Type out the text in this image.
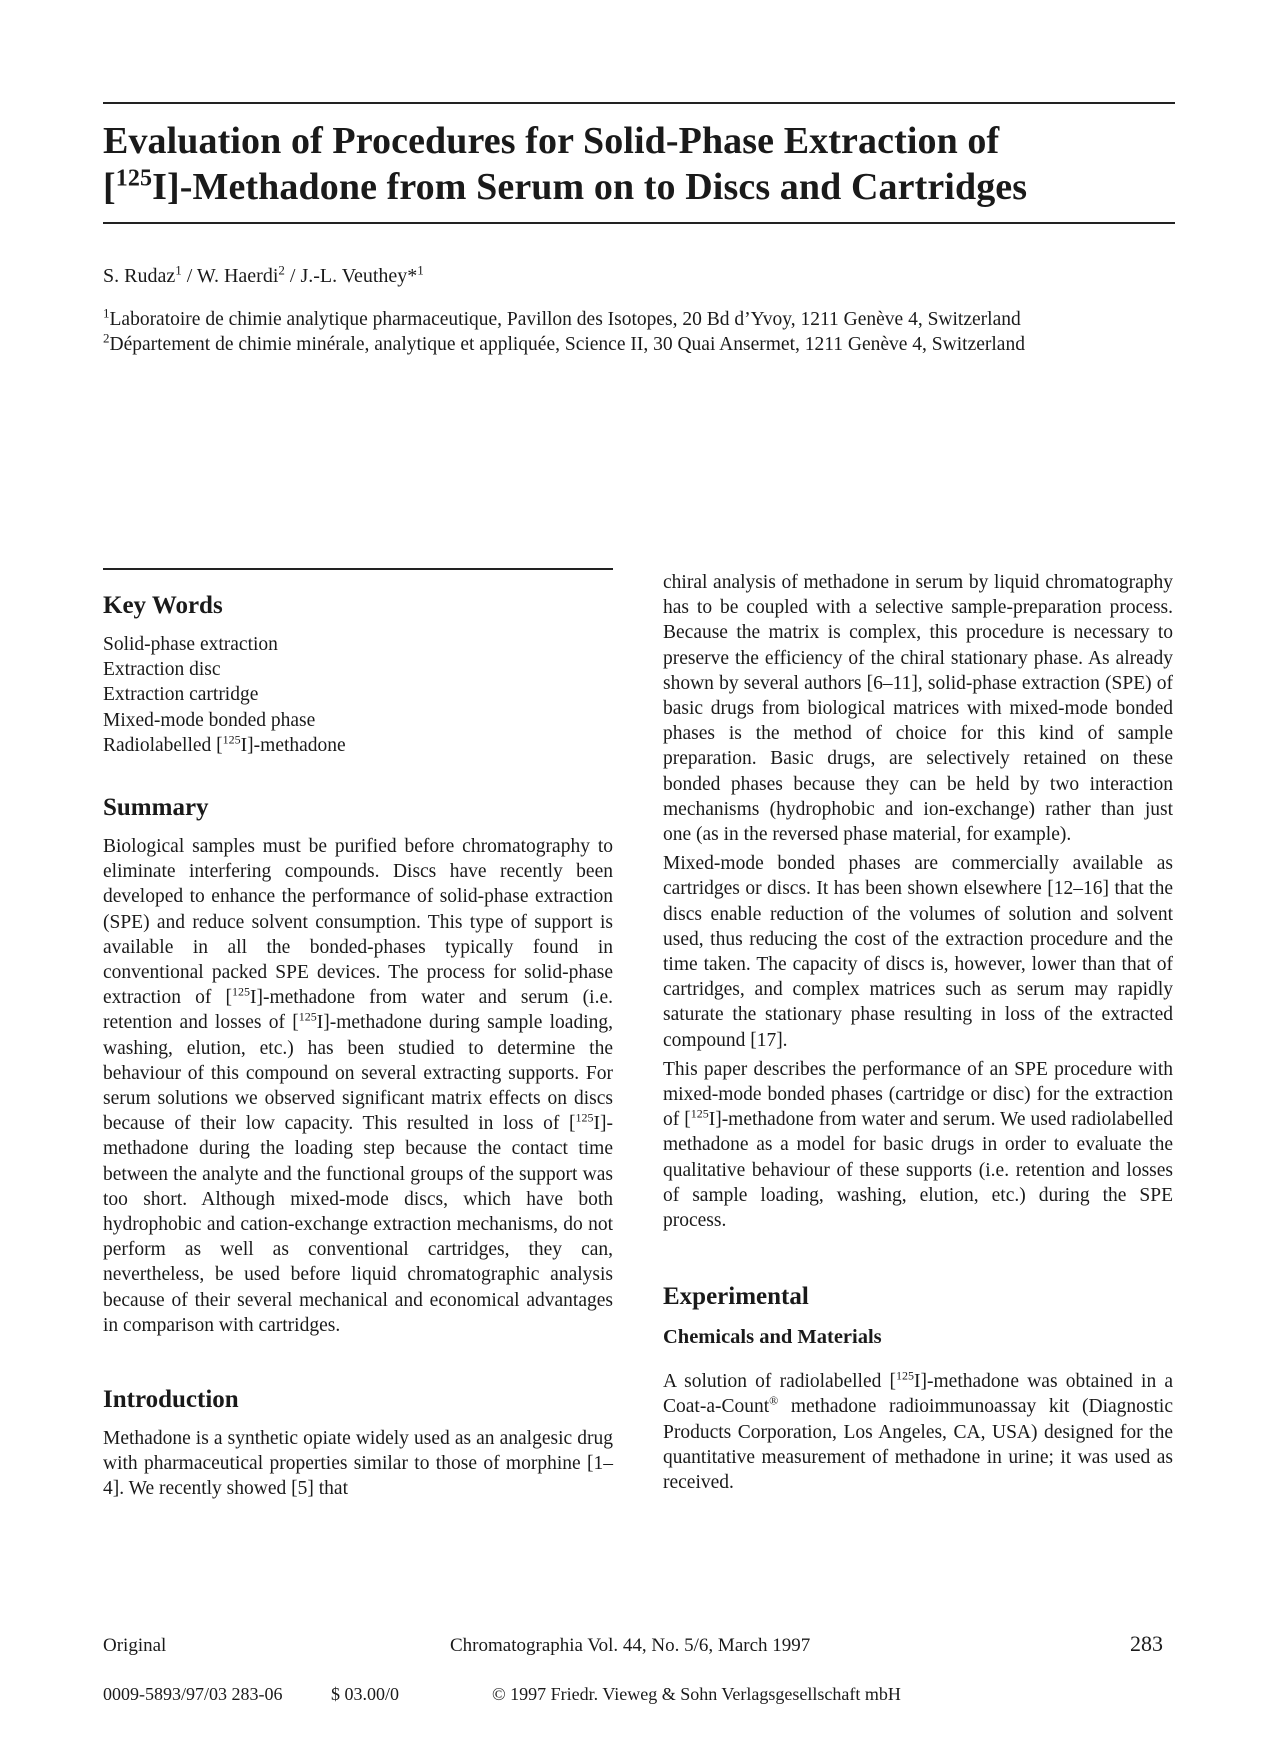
Evaluation of Procedures for Solid-Phase Extraction of
[$^{125}$I]-Methadone from Serum on to Discs and Cartridges
S. Rudaz$^1$ / W. Haerdi$^2$ / J.-L. Veuthey*$^1$
$^1$Laboratoire de chimie analytique pharmaceutique, Pavillon des Isotopes, 20 Bd d’Yvoy, 1211 Genève 4, Switzerland
$^2$Département de chimie minérale, analytique et appliquée, Science II, 30 Quai Ansermet, 1211 Genève 4, Switzerland
Key Words
Solid-phase extraction
Extraction disc
Extraction cartridge
Mixed-mode bonded phase
Radiolabelled [$^{125}$I]-methadone
Summary

Biological samples must be purified before chromatography to eliminate interfering compounds. Discs have recently been developed to enhance the performance of solid-phase extraction (SPE) and reduce solvent consumption. This type of support is available in all the bonded-phases typically found in conventional packed SPE devices. The process for solid-phase extraction of [$^{125}$I]-methadone from water and serum (i.e. retention and losses of [$^{125}$I]-methadone during sample loading, washing, elution, etc.) has been studied to determine the behaviour of this compound on several extracting supports. For serum solutions we observed significant matrix effects on discs because of their low capacity. This resulted in loss of [$^{125}$I]-methadone during the loading step because the contact time between the analyte and the functional groups of the support was too short. Although mixed-mode discs, which have both hydrophobic and cation-exchange extraction mechanisms, do not perform as well as conventional cartridges, they can, nevertheless, be used before liquid chromatographic analysis because of their several mechanical and economical advantages in comparison with cartridges.

Introduction

Methadone is a synthetic opiate widely used as an analgesic drug with pharmaceutical properties similar to those of morphine [1–4]. We recently showed [5] that

chiral analysis of methadone in serum by liquid chromatography has to be coupled with a selective sample-preparation process. Because the matrix is complex, this procedure is necessary to preserve the efficiency of the chiral stationary phase. As already shown by several authors [6–11], solid-phase extraction (SPE) of basic drugs from biological matrices with mixed-mode bonded phases is the method of choice for this kind of sample preparation. Basic drugs, are selectively retained on these bonded phases because they can be held by two interaction mechanisms (hydrophobic and ion-exchange) rather than just one (as in the reversed phase material, for example).

Mixed-mode bonded phases are commercially available as cartridges or discs. It has been shown elsewhere [12–16] that the discs enable reduction of the volumes of solution and solvent used, thus reducing the cost of the extraction procedure and the time taken. The capacity of discs is, however, lower than that of cartridges, and complex matrices such as serum may rapidly saturate the stationary phase resulting in loss of the extracted compound [17].

This paper describes the performance of an SPE procedure with mixed-mode bonded phases (cartridge or disc) for the extraction of [$^{125}$I]-methadone from water and serum. We used radiolabelled methadone as a model for basic drugs in order to evaluate the qualitative behaviour of these supports (i.e. retention and losses of sample loading, washing, elution, etc.) during the SPE process.

Experimental
Chemicals and Materials

A solution of radiolabelled [$^{125}$I]-methadone was obtained in a Coat-a-Count® methadone radioimmunoassay kit (Diagnostic Products Corporation, Los Angeles, CA, USA) designed for the quantitative measurement of methadone in urine; it was used as received.

Original	Chromatographia Vol. 44, No. 5/6, March 1997	283
0009-5893/97/03 283-06	$ 03.00/0	© 1997 Friedr. Vieweg & Sohn Verlagsgesellschaft mbH
